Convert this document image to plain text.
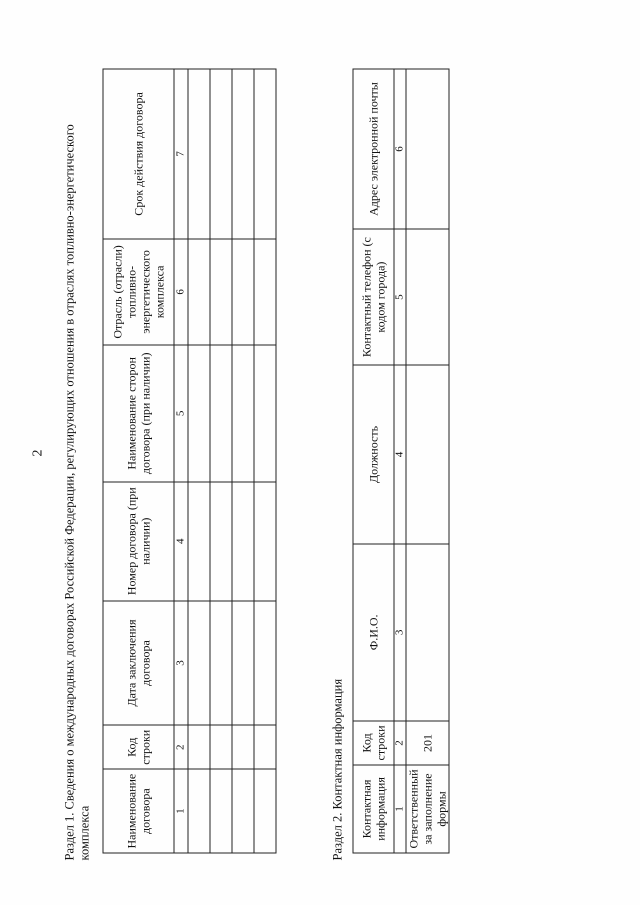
2 Раздел 1. Сведения о международных договорах Российской Федерации, регулирующих отношения в отраслях топливно-энергетического комплекса	Наименование договора	Код строки	Дата заключения договора	Номер договора (при наличии)	Наименование сторон договора (при наличии)	Отрасль (отрасли) топливно-энергетического комплекса	Срок действия договора
1	2	3	4	5	6	7

Раздел 2. Контактная информация Контактная информация	Код строки	Ф.И.О.	Должность	Контактный телефон (с кодом города)	Адрес электронной почты
1	2	3	4	5	6
Ответственный за заполнение формы	201				
